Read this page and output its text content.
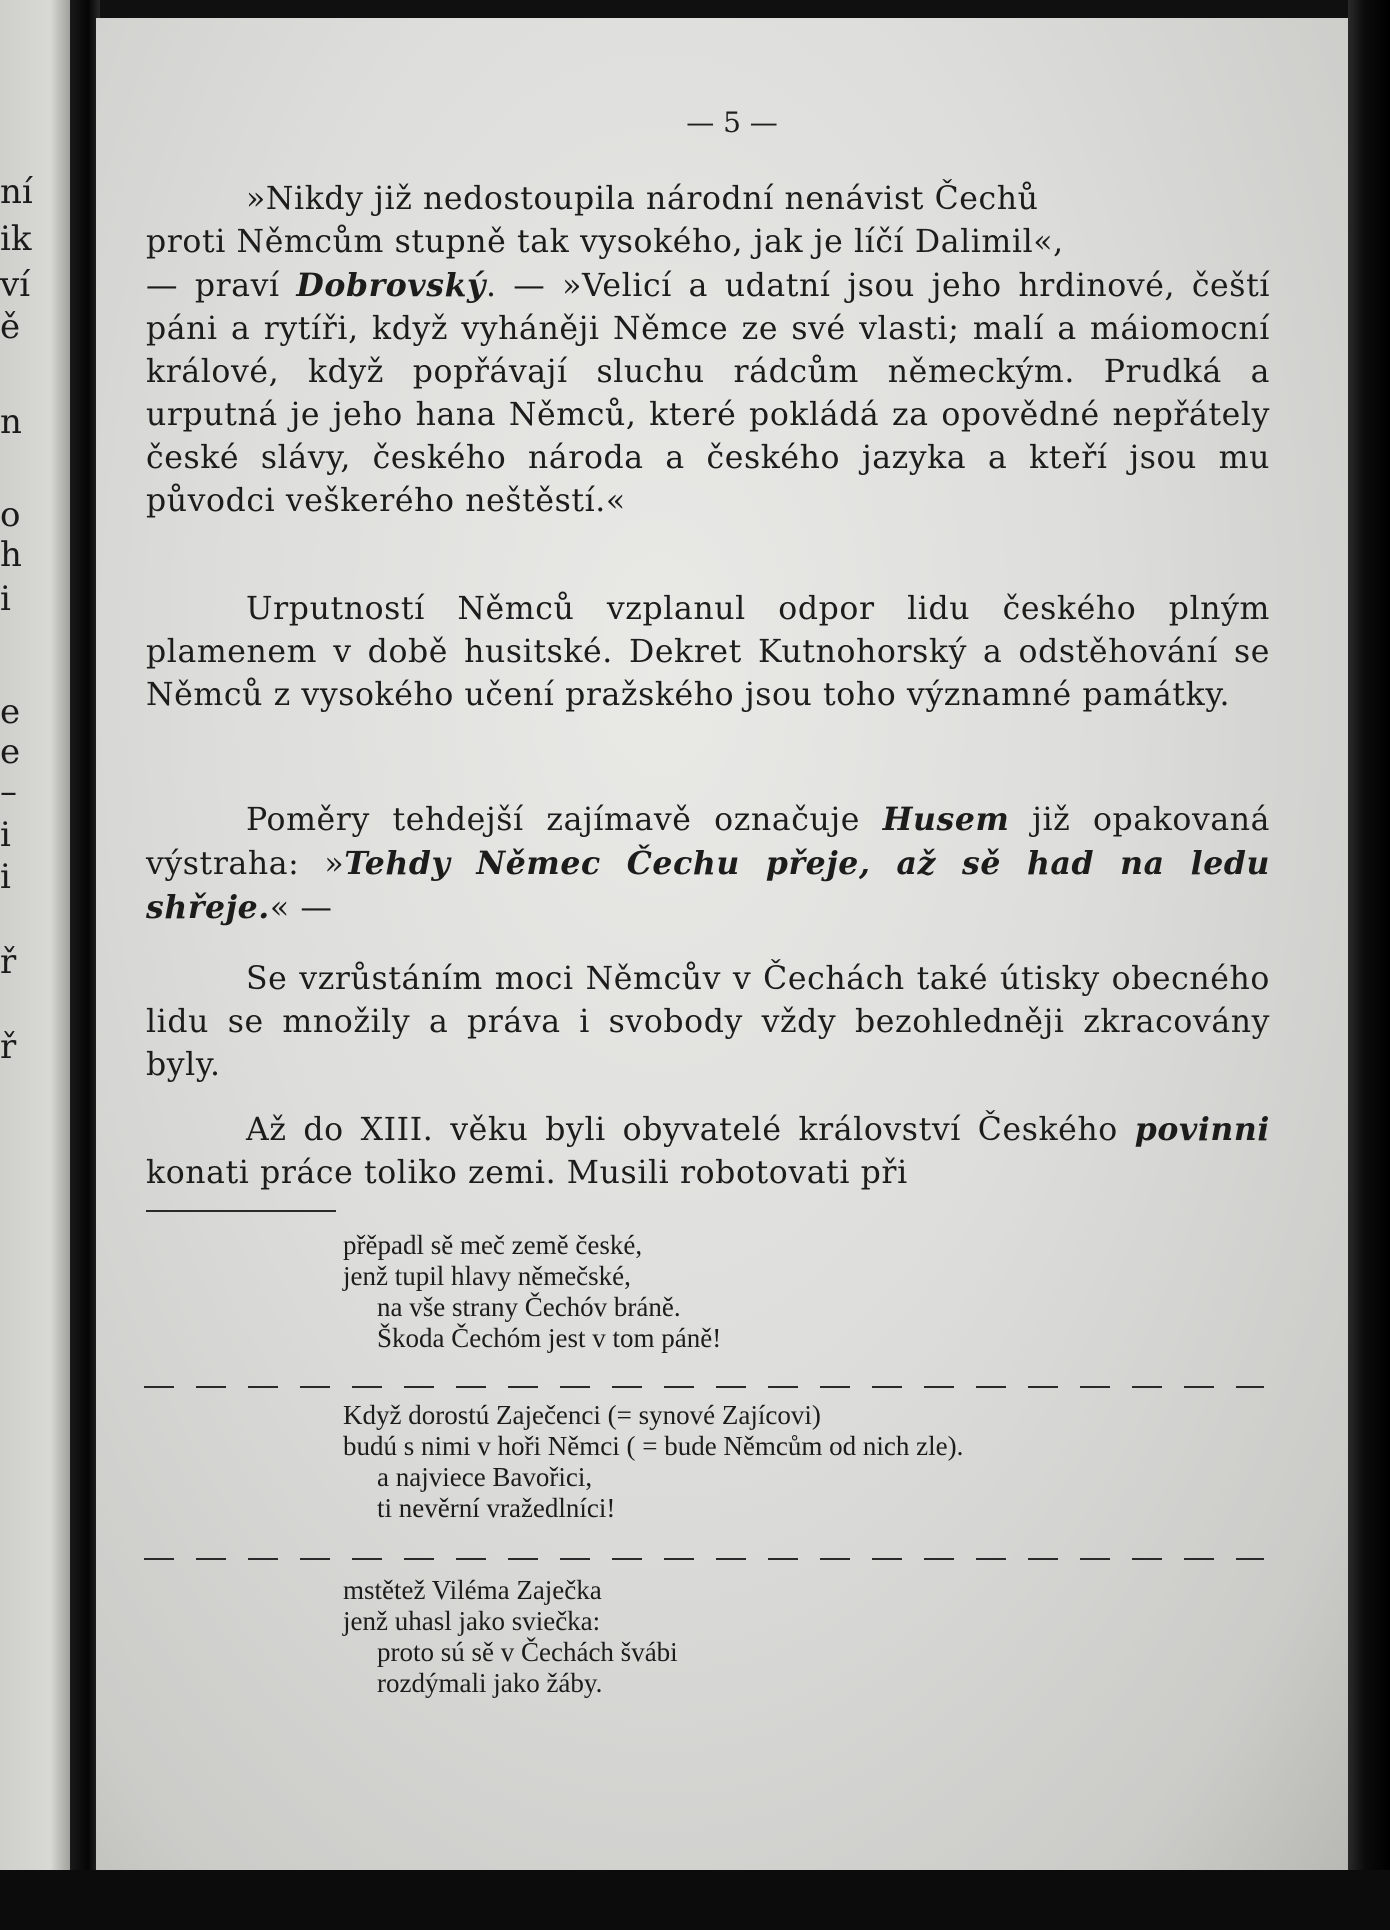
ní
ik
ví
ě
n
o
h
i
e
e
–
i
i
ř
ř
— 5 —

»Nikdy již nedostoupila národní nenávist Čechů

proti Němcům stupně tak vysokého, jak je líčí Dalimil«,

— praví Dobrovský. — »Velicí a udatní jsou jeho hrdinové, čeští páni a rytíři, když vyháněji Němce ze své vlasti; malí a máiomocní králové, když popřávají sluchu rádcům německým. Prudká a urputná je jeho hana Němců, které pokládá za opovědné nepřátely české slávy, českého národa a českého jazyka a kteří jsou mu původci veškerého neštěstí.«

Urputností Němců vzplanul odpor lidu českého plným plamenem v době husitské. Dekret Kutnohorský a odstěhování se Němců z vysokého učení pražského jsou toho významné památky.

Poměry tehdejší zajímavě označuje Husem již opakovaná výstraha: »Tehdy Němec Čechu přeje, až sě had na ledu shřeje.« —

Se vzrůstáním moci Němcův v Čechách také útisky obecného lidu se množily a práva i svobody vždy bezohledněji zkracovány byly.

Až do XIII. věku byli obyvatelé království Českého povinni konati práce toliko zemi. Musili robotovati při

přěpadl sě meč země české,
jenž tupil hlavy němečské,
na vše strany Čechóv bráně.
Škoda Čechóm jest v tom páně!
Když dorostú Zaječenci (= synové Zajícovi)
budú s nimi v hoři Němci ( = bude Němcům od nich zle).
a najviece Bavořici,
ti nevěrní vražedlníci!
mstětež Viléma Zaječka
jenž uhasl jako sviečka:
proto sú sě v Čechách švábi
rozdýmali jako žáby.
